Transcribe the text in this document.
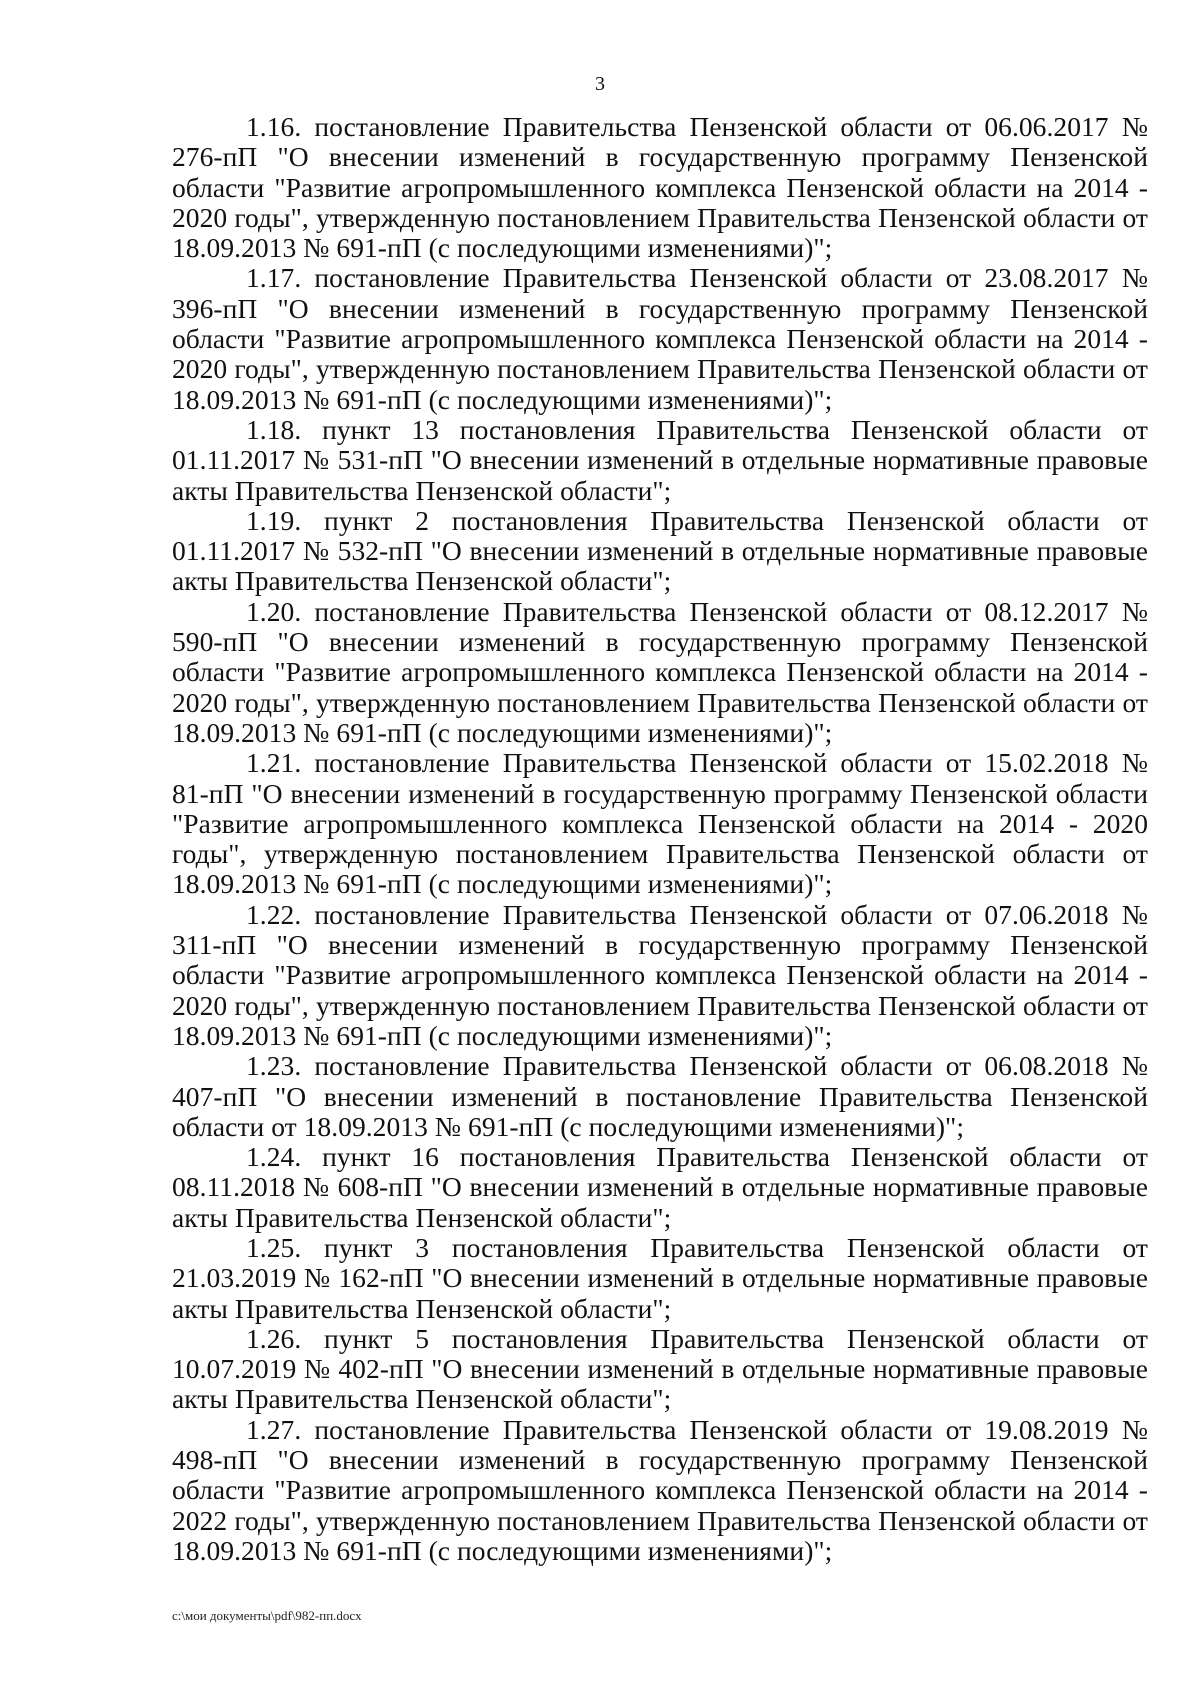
3

1.16. постановление Правительства Пензенской области от 06.06.2017 № 276-пП "О внесении изменений в государственную программу Пензенской области "Развитие агропромышленного комплекса Пензенской области на 2014 - 2020 годы", утвержденную постановлением Правительства Пензенской области от 18.09.2013 № 691-пП (с последующими изменениями)";

1.17. постановление Правительства Пензенской области от 23.08.2017 № 396-пП "О внесении изменений в государственную программу Пензенской области "Развитие агропромышленного комплекса Пензенской области на 2014 - 2020 годы", утвержденную постановлением Правительства Пензенской области от 18.09.2013 № 691-пП (с последующими изменениями)";

1.18. пункт 13 постановления Правительства Пензенской области от 01.11.2017 № 531-пП "О внесении изменений в отдельные нормативные правовые акты Правительства Пензенской области";

1.19. пункт 2 постановления Правительства Пензенской области от 01.11.2017 № 532-пП "О внесении изменений в отдельные нормативные правовые акты Правительства Пензенской области";

1.20. постановление Правительства Пензенской области от 08.12.2017 № 590-пП "О внесении изменений в государственную программу Пензенской области "Развитие агропромышленного комплекса Пензенской области на 2014 - 2020 годы", утвержденную постановлением Правительства Пензенской области от 18.09.2013 № 691-пП (с последующими изменениями)";

1.21. постановление Правительства Пензенской области от 15.02.2018 № 81-пП "О внесении изменений в государственную программу Пензенской области "Развитие агропромышленного комплекса Пензенской области на 2014 - 2020 годы", утвержденную постановлением Правительства Пензенской области от 18.09.2013 № 691-пП (с последующими изменениями)";

1.22. постановление Правительства Пензенской области от 07.06.2018 № 311-пП "О внесении изменений в государственную программу Пензенской области "Развитие агропромышленного комплекса Пензенской области на 2014 - 2020 годы", утвержденную постановлением Правительства Пензенской области от 18.09.2013 № 691-пП (с последующими изменениями)";

1.23. постановление Правительства Пензенской области от 06.08.2018 № 407-пП "О внесении изменений в постановление Правительства Пензенской области от 18.09.2013 № 691-пП (с последующими изменениями)";

1.24. пункт 16 постановления Правительства Пензенской области от 08.11.2018 № 608-пП "О внесении изменений в отдельные нормативные правовые акты Правительства Пензенской области";

1.25. пункт 3 постановления Правительства Пензенской области от 21.03.2019 № 162-пП "О внесении изменений в отдельные нормативные правовые акты Правительства Пензенской области";

1.26. пункт 5 постановления Правительства Пензенской области от 10.07.2019 № 402-пП "О внесении изменений в отдельные нормативные правовые акты Правительства Пензенской области";

1.27. постановление Правительства Пензенской области от 19.08.2019 № 498-пП "О внесении изменений в государственную программу Пензенской области "Развитие агропромышленного комплекса Пензенской области на 2014 - 2022 годы", утвержденную постановлением Правительства Пензенской области от 18.09.2013 № 691-пП (с последующими изменениями)";

c:\мои документы\pdf\982-пп.docx
